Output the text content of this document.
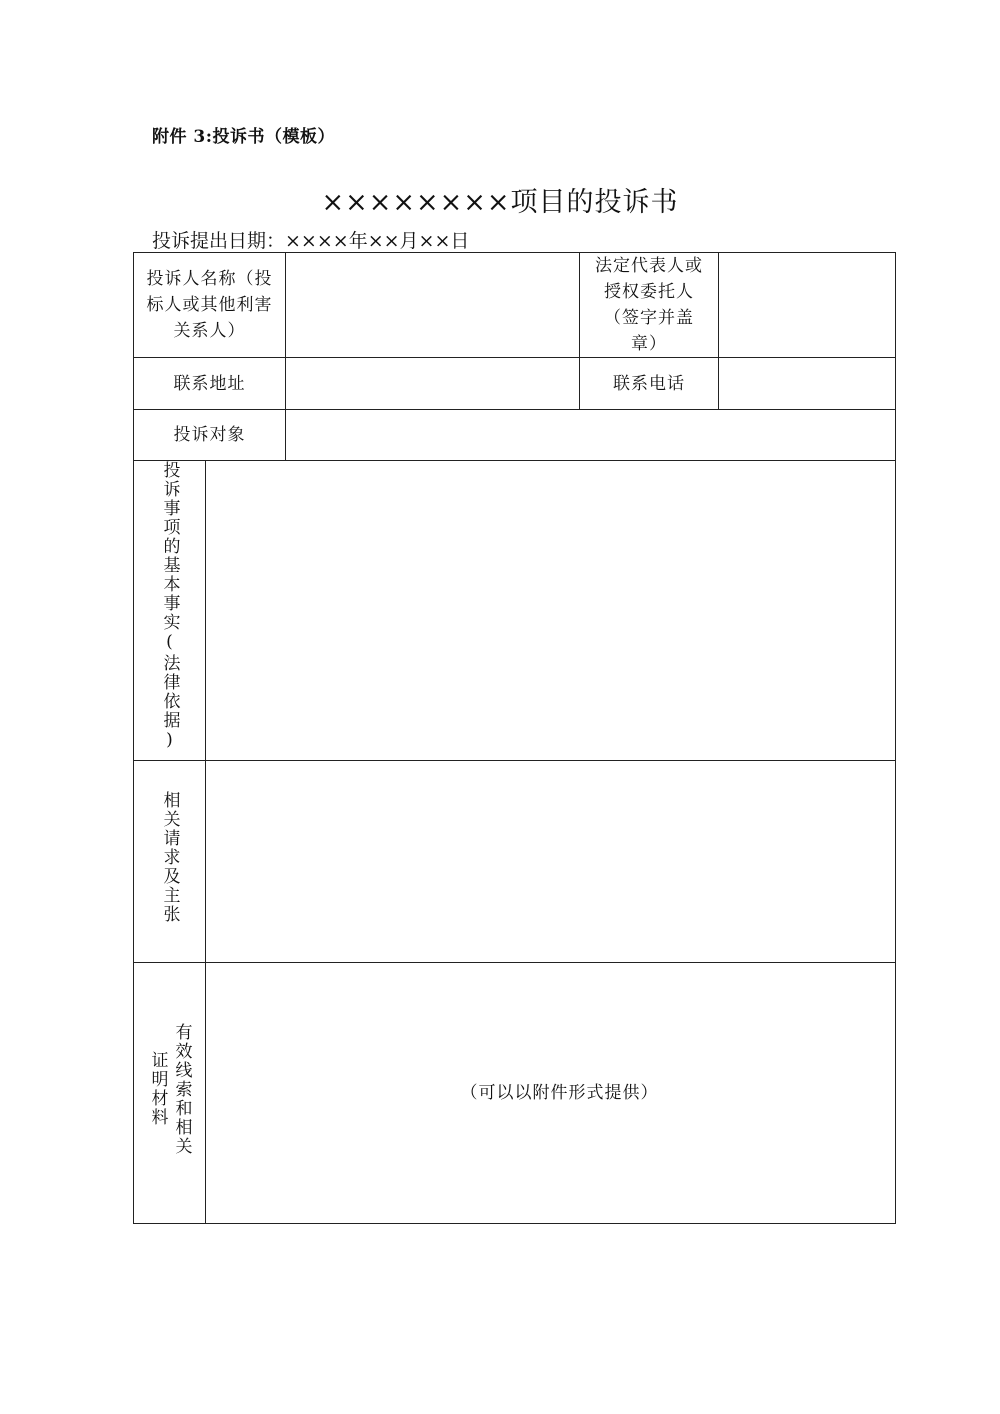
附件 3:投诉书（模板）
××××××××项目的投诉书
投诉提出日期：××××年××月××日
投诉人名称（投标人或其他利害关系人）			法定代表人或授权委托人（签字并盖章）	

联系地址			联系电话	
投诉对象				
投诉事项的基本事实(法律依据)				
相关请求及主张				
有效线索和相关证明材料	（可以以附件形式提供）			
